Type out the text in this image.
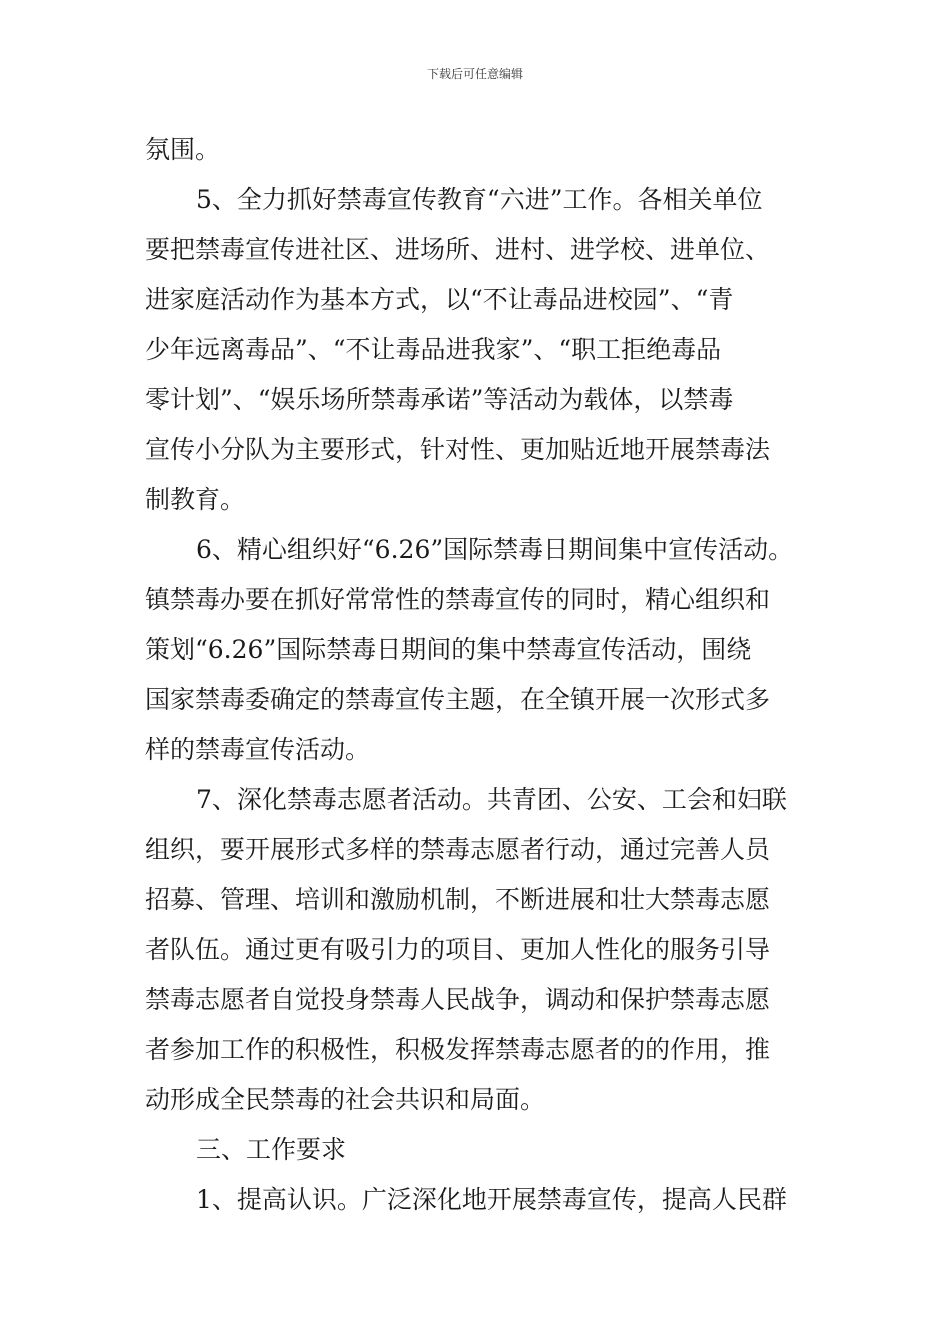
下载后可任意编辑
氛围。
5、全力抓好禁毒宣传教育“六进”工作。各相关单位
要把禁毒宣传进社区、进场所、进村、进学校、进单位、
进家庭活动作为基本方式，以“不让毒品进校园”、“青
少年远离毒品”、“不让毒品进我家”、“职工拒绝毒品
零计划”、“娱乐场所禁毒承诺”等活动为载体，以禁毒
宣传小分队为主要形式，针对性、更加贴近地开展禁毒法
制教育。
6、精心组织好“6.26”国际禁毒日期间集中宣传活动。
镇禁毒办要在抓好常常性的禁毒宣传的同时，精心组织和
策划“6.26”国际禁毒日期间的集中禁毒宣传活动，围绕
国家禁毒委确定的禁毒宣传主题，在全镇开展一次形式多
样的禁毒宣传活动。
7、深化禁毒志愿者活动。共青团、公安、工会和妇联
组织，要开展形式多样的禁毒志愿者行动，通过完善人员
招募、管理、培训和激励机制，不断进展和壮大禁毒志愿
者队伍。通过更有吸引力的项目、更加人性化的服务引导
禁毒志愿者自觉投身禁毒人民战争，调动和保护禁毒志愿
者参加工作的积极性，积极发挥禁毒志愿者的的作用，推
动形成全民禁毒的社会共识和局面。
三、工作要求
1、提高认识。广泛深化地开展禁毒宣传，提高人民群
